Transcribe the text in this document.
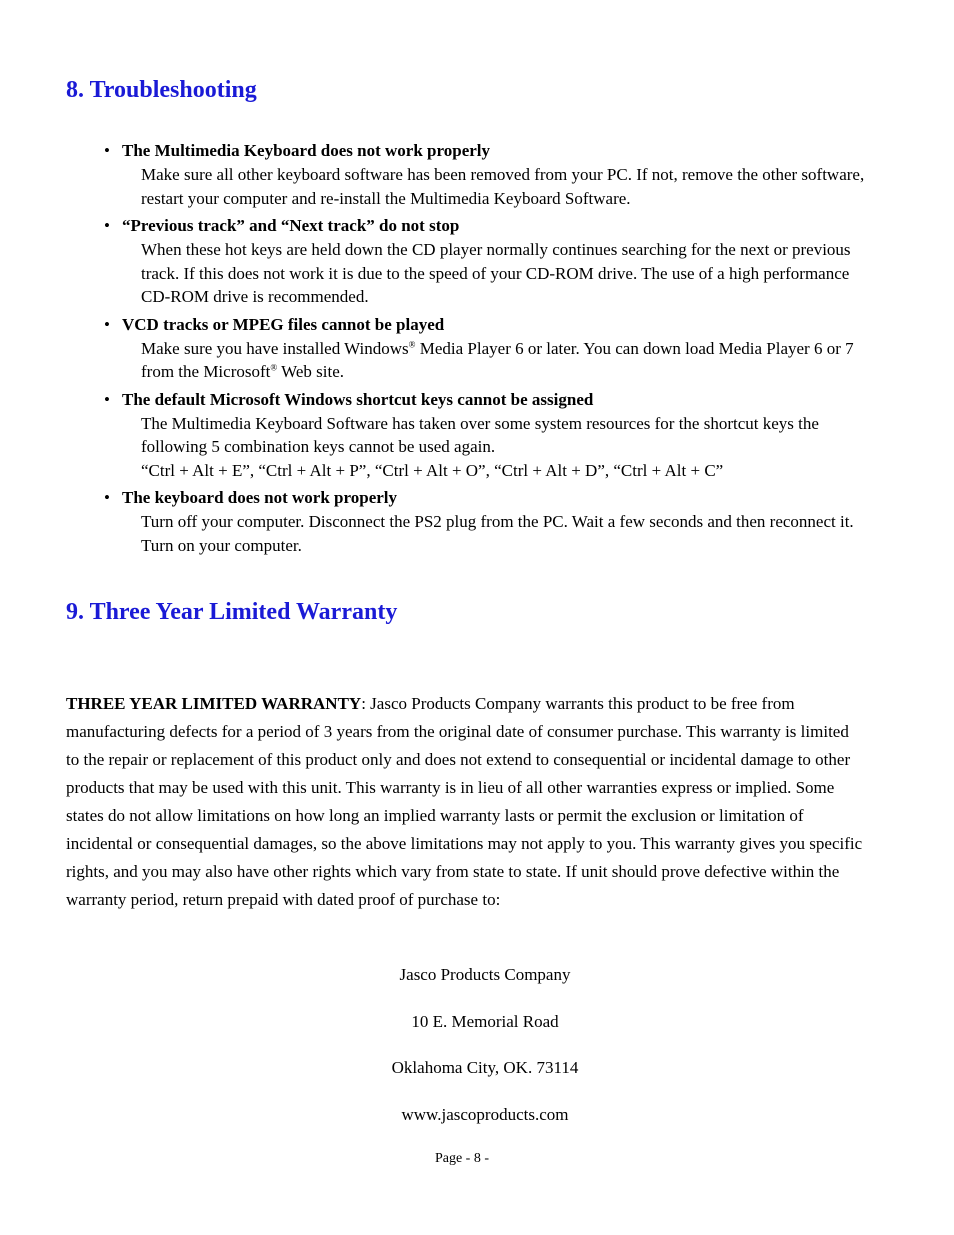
8. Troubleshooting
• The Multimedia Keyboard does not work properly
Make sure all other keyboard software has been removed from your PC. If not, remove the other software, restart your computer and re-install the Multimedia Keyboard Software.
• “Previous track” and “Next track” do not stop
When these hot keys are held down the CD player normally continues searching for the next or previous track. If this does not work it is due to the speed of your CD-ROM drive. The use of a high performance CD-ROM drive is recommended.
• VCD tracks or MPEG files cannot be played
Make sure you have installed Windows® Media Player 6 or later. You can down load Media Player 6 or 7 from the Microsoft® Web site.
• The default Microsoft Windows shortcut keys cannot be assigned
The Multimedia Keyboard Software has taken over some system resources for the shortcut keys the following 5 combination keys cannot be used again.
“Ctrl + Alt + E”, “Ctrl + Alt + P”, “Ctrl + Alt + O”, “Ctrl + Alt + D”, “Ctrl + Alt + C”
• The keyboard does not work properly
Turn off your computer. Disconnect the PS2 plug from the PC. Wait a few seconds and then reconnect it. Turn on your computer.
9. Three Year Limited Warranty

THREE YEAR LIMITED WARRANTY: Jasco Products Company warrants this product to be free from manufacturing defects for a period of 3 years from the original date of consumer purchase. This warranty is limited to the repair or replacement of this product only and does not extend to consequential or incidental damage to other products that may be used with this unit. This warranty is in lieu of all other warranties express or implied. Some states do not allow limitations on how long an implied warranty lasts or permit the exclusion or limitation of incidental or consequential damages, so the above limitations may not apply to you. This warranty gives you specific rights, and you may also have other rights which vary from state to state. If unit should prove defective within the warranty period, return prepaid with dated proof of purchase to:

Jasco Products Company

10 E. Memorial Road

Oklahoma City, OK. 73114

www.jascoproducts.com

Page - 8 -
